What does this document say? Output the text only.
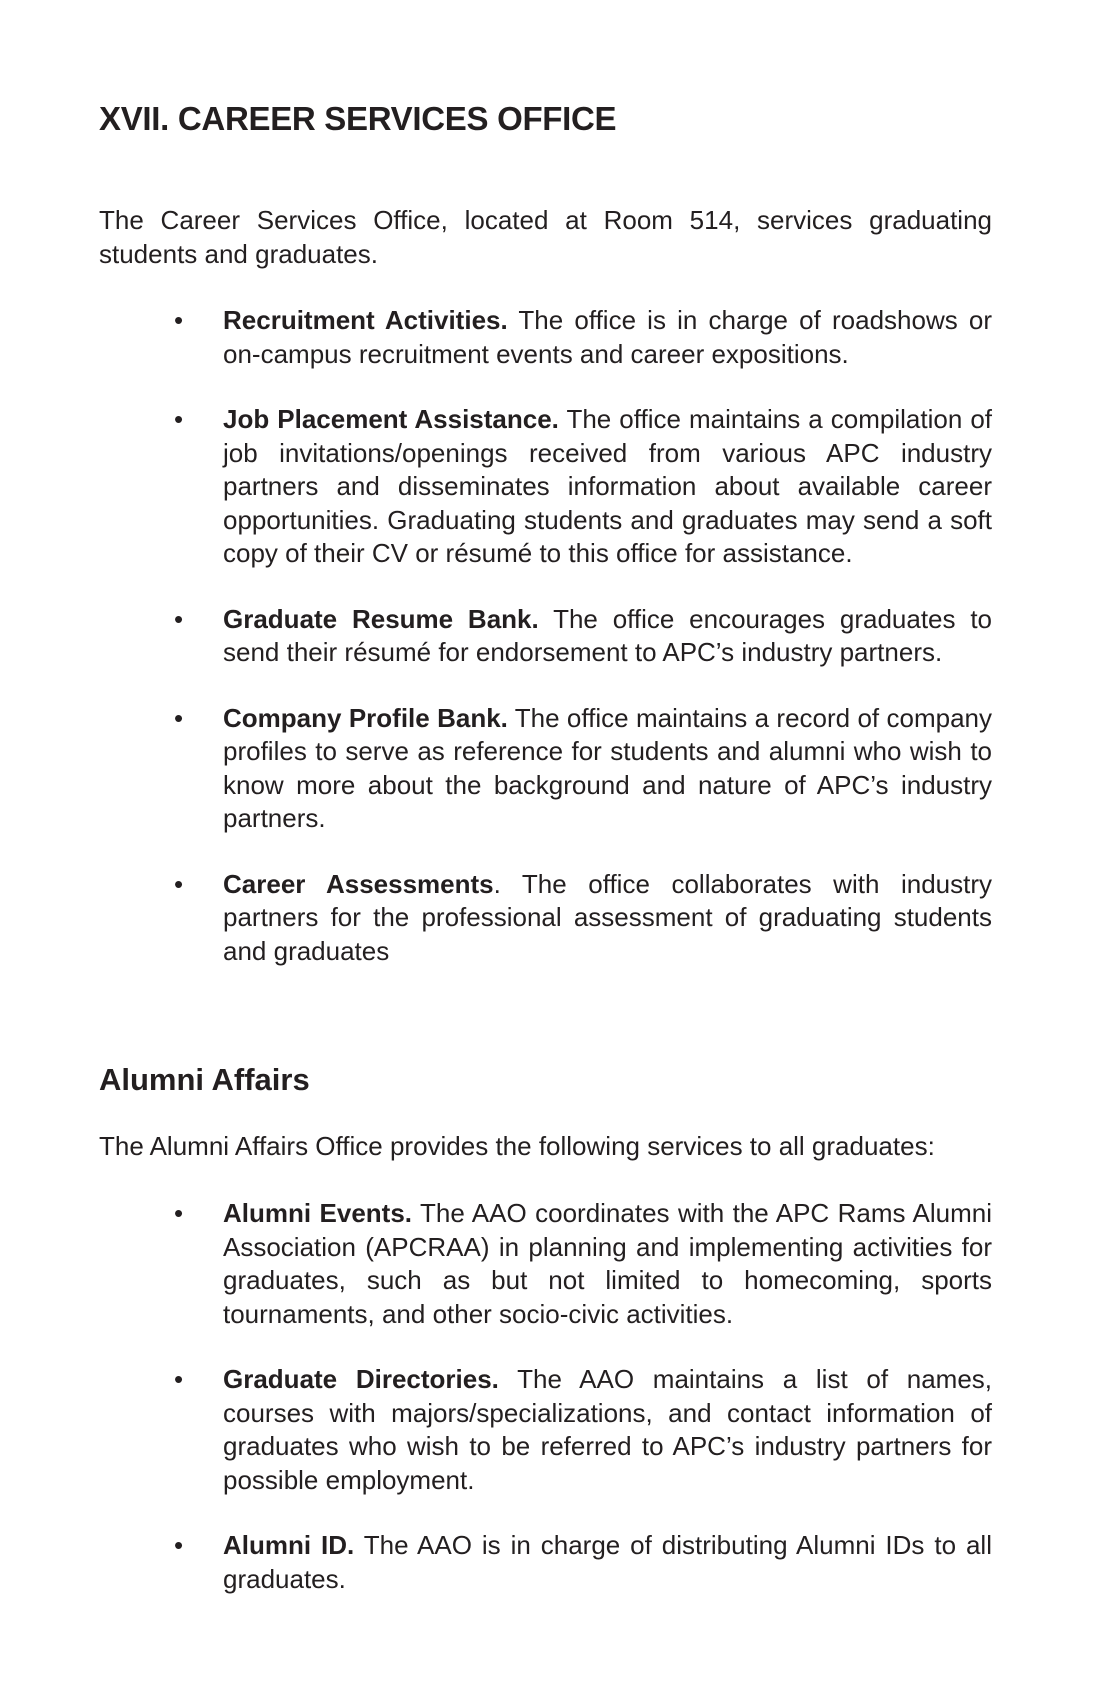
XVII. CAREER SERVICES OFFICE

The Career Services Office, located at Room 514, services graduating students and graduates.

• Recruitment Activities. The office is in charge of roadshows or on-campus recruitment events and career expositions.
• Job Placement Assistance. The office maintains a compilation of job invitations/openings received from various APC industry partners and disseminates information about available career opportunities. Graduating students and graduates may send a soft copy of their CV or résumé to this office for assistance.
• Graduate Resume Bank. The office encourages graduates to send their résumé for endorsement to APC’s industry partners.
• Company Profile Bank. The office maintains a record of company profiles to serve as reference for students and alumni who wish to know more about the background and nature of APC’s industry partners.
• Career Assessments. The office collaborates with industry partners for the professional assessment of graduating students and graduates
Alumni Affairs

The Alumni Affairs Office provides the following services to all graduates:

• Alumni Events. The AAO coordinates with the APC Rams Alumni Association (APCRAA) in planning and implementing activities for graduates, such as but not limited to homecoming, sports tournaments, and other socio-civic activities.
• Graduate Directories. The AAO maintains a list of names, courses with majors/specializations, and contact information of graduates who wish to be referred to APC’s industry partners for possible employment.
• Alumni ID. The AAO is in charge of distributing Alumni IDs to all graduates.
